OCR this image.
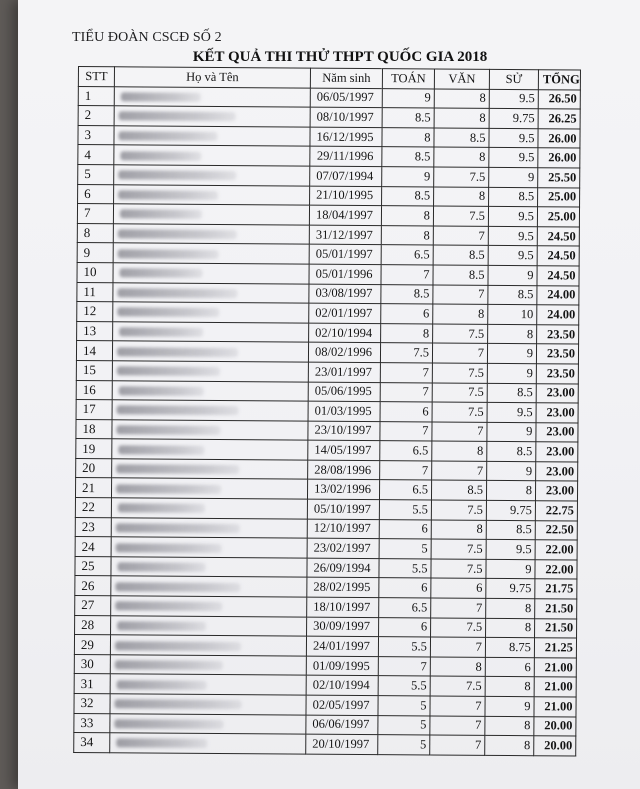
TIỂU ĐOÀN CSCĐ SỐ 2
KẾT QUẢ THI THỬ THPT QUỐC GIA 2018
STT	Họ và Tên	Năm sinh	TOÁN	VĂN	SỬ	TỔNG
1		06/05/1997	9	8	9.5	26.50
2		08/10/1997	8.5	8	9.75	26.25
3		16/12/1995	8	8.5	9.5	26.00
4		29/11/1996	8.5	8	9.5	26.00
5		07/07/1994	9	7.5	9	25.50
6		21/10/1995	8.5	8	8.5	25.00
7		18/04/1997	8	7.5	9.5	25.00
8		31/12/1997	8	7	9.5	24.50
9		05/01/1997	6.5	8.5	9.5	24.50
10		05/01/1996	7	8.5	9	24.50
11		03/08/1997	8.5	7	8.5	24.00
12		02/01/1997	6	8	10	24.00
13		02/10/1994	8	7.5	8	23.50
14		08/02/1996	7.5	7	9	23.50
15		23/01/1997	7	7.5	9	23.50
16		05/06/1995	7	7.5	8.5	23.00
17		01/03/1995	6	7.5	9.5	23.00
18		23/10/1997	7	7	9	23.00
19		14/05/1997	6.5	8	8.5	23.00
20		28/08/1996	7	7	9	23.00
21		13/02/1996	6.5	8.5	8	23.00
22		05/10/1997	5.5	7.5	9.75	22.75
23		12/10/1997	6	8	8.5	22.50
24		23/02/1997	5	7.5	9.5	22.00
25		26/09/1994	5.5	7.5	9	22.00
26		28/02/1995	6	6	9.75	21.75
27		18/10/1997	6.5	7	8	21.50
28		30/09/1997	6	7.5	8	21.50
29		24/01/1997	5.5	7	8.75	21.25
30		01/09/1995	7	8	6	21.00
31		02/10/1994	5.5	7.5	8	21.00
32		02/05/1997	5	7	9	21.00
33		06/06/1997	5	7	8	20.00
34		20/10/1997	5	7	8	20.00
